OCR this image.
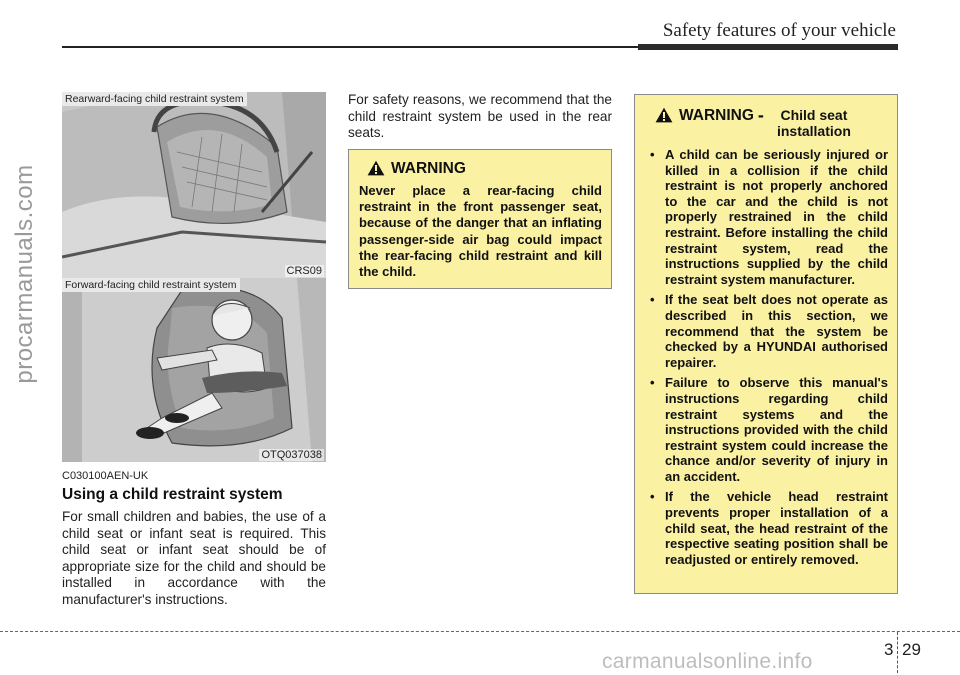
Safety features of your vehicle
procarmanuals.com
Rearward-facing child restraint system
CRS09
Forward-facing child restraint system
OTQ037038
C030100AEN-UK
Using a child restraint system
For small children and babies, the use of a child seat or infant seat is required. This child seat or infant seat should be of appropriate size for the child and should be installed in accordance with the manufacturer's instructions.
For safety reasons, we recommend that the child restraint system be used in the rear seats.
WARNING
Never place a rear-facing child restraint in the front passenger seat, because of the danger that an inflating passenger-side air bag could impact the rear-facing child restraint and kill the child.
WARNING -	Child seat installation
• A child can be seriously injured or killed in a collision if the child restraint is not properly anchored to the car and the child is not properly restrained in the child restraint. Before installing the child restraint system, read the instructions supplied by the child restraint system manufacturer.
• If the seat belt does not operate as described in this section, we recommend that the system be checked by a HYUNDAI authorised repairer.
• Failure to observe this manual's instructions regarding child restraint systems and the instructions provided with the child restraint system could increase the chance and/or severity of injury in an accident.
• If the vehicle head restraint prevents proper installation of a child seat, the head restraint of the respective seating position shall be readjusted or entirely removed.
3 29
carmanualsonline.info
